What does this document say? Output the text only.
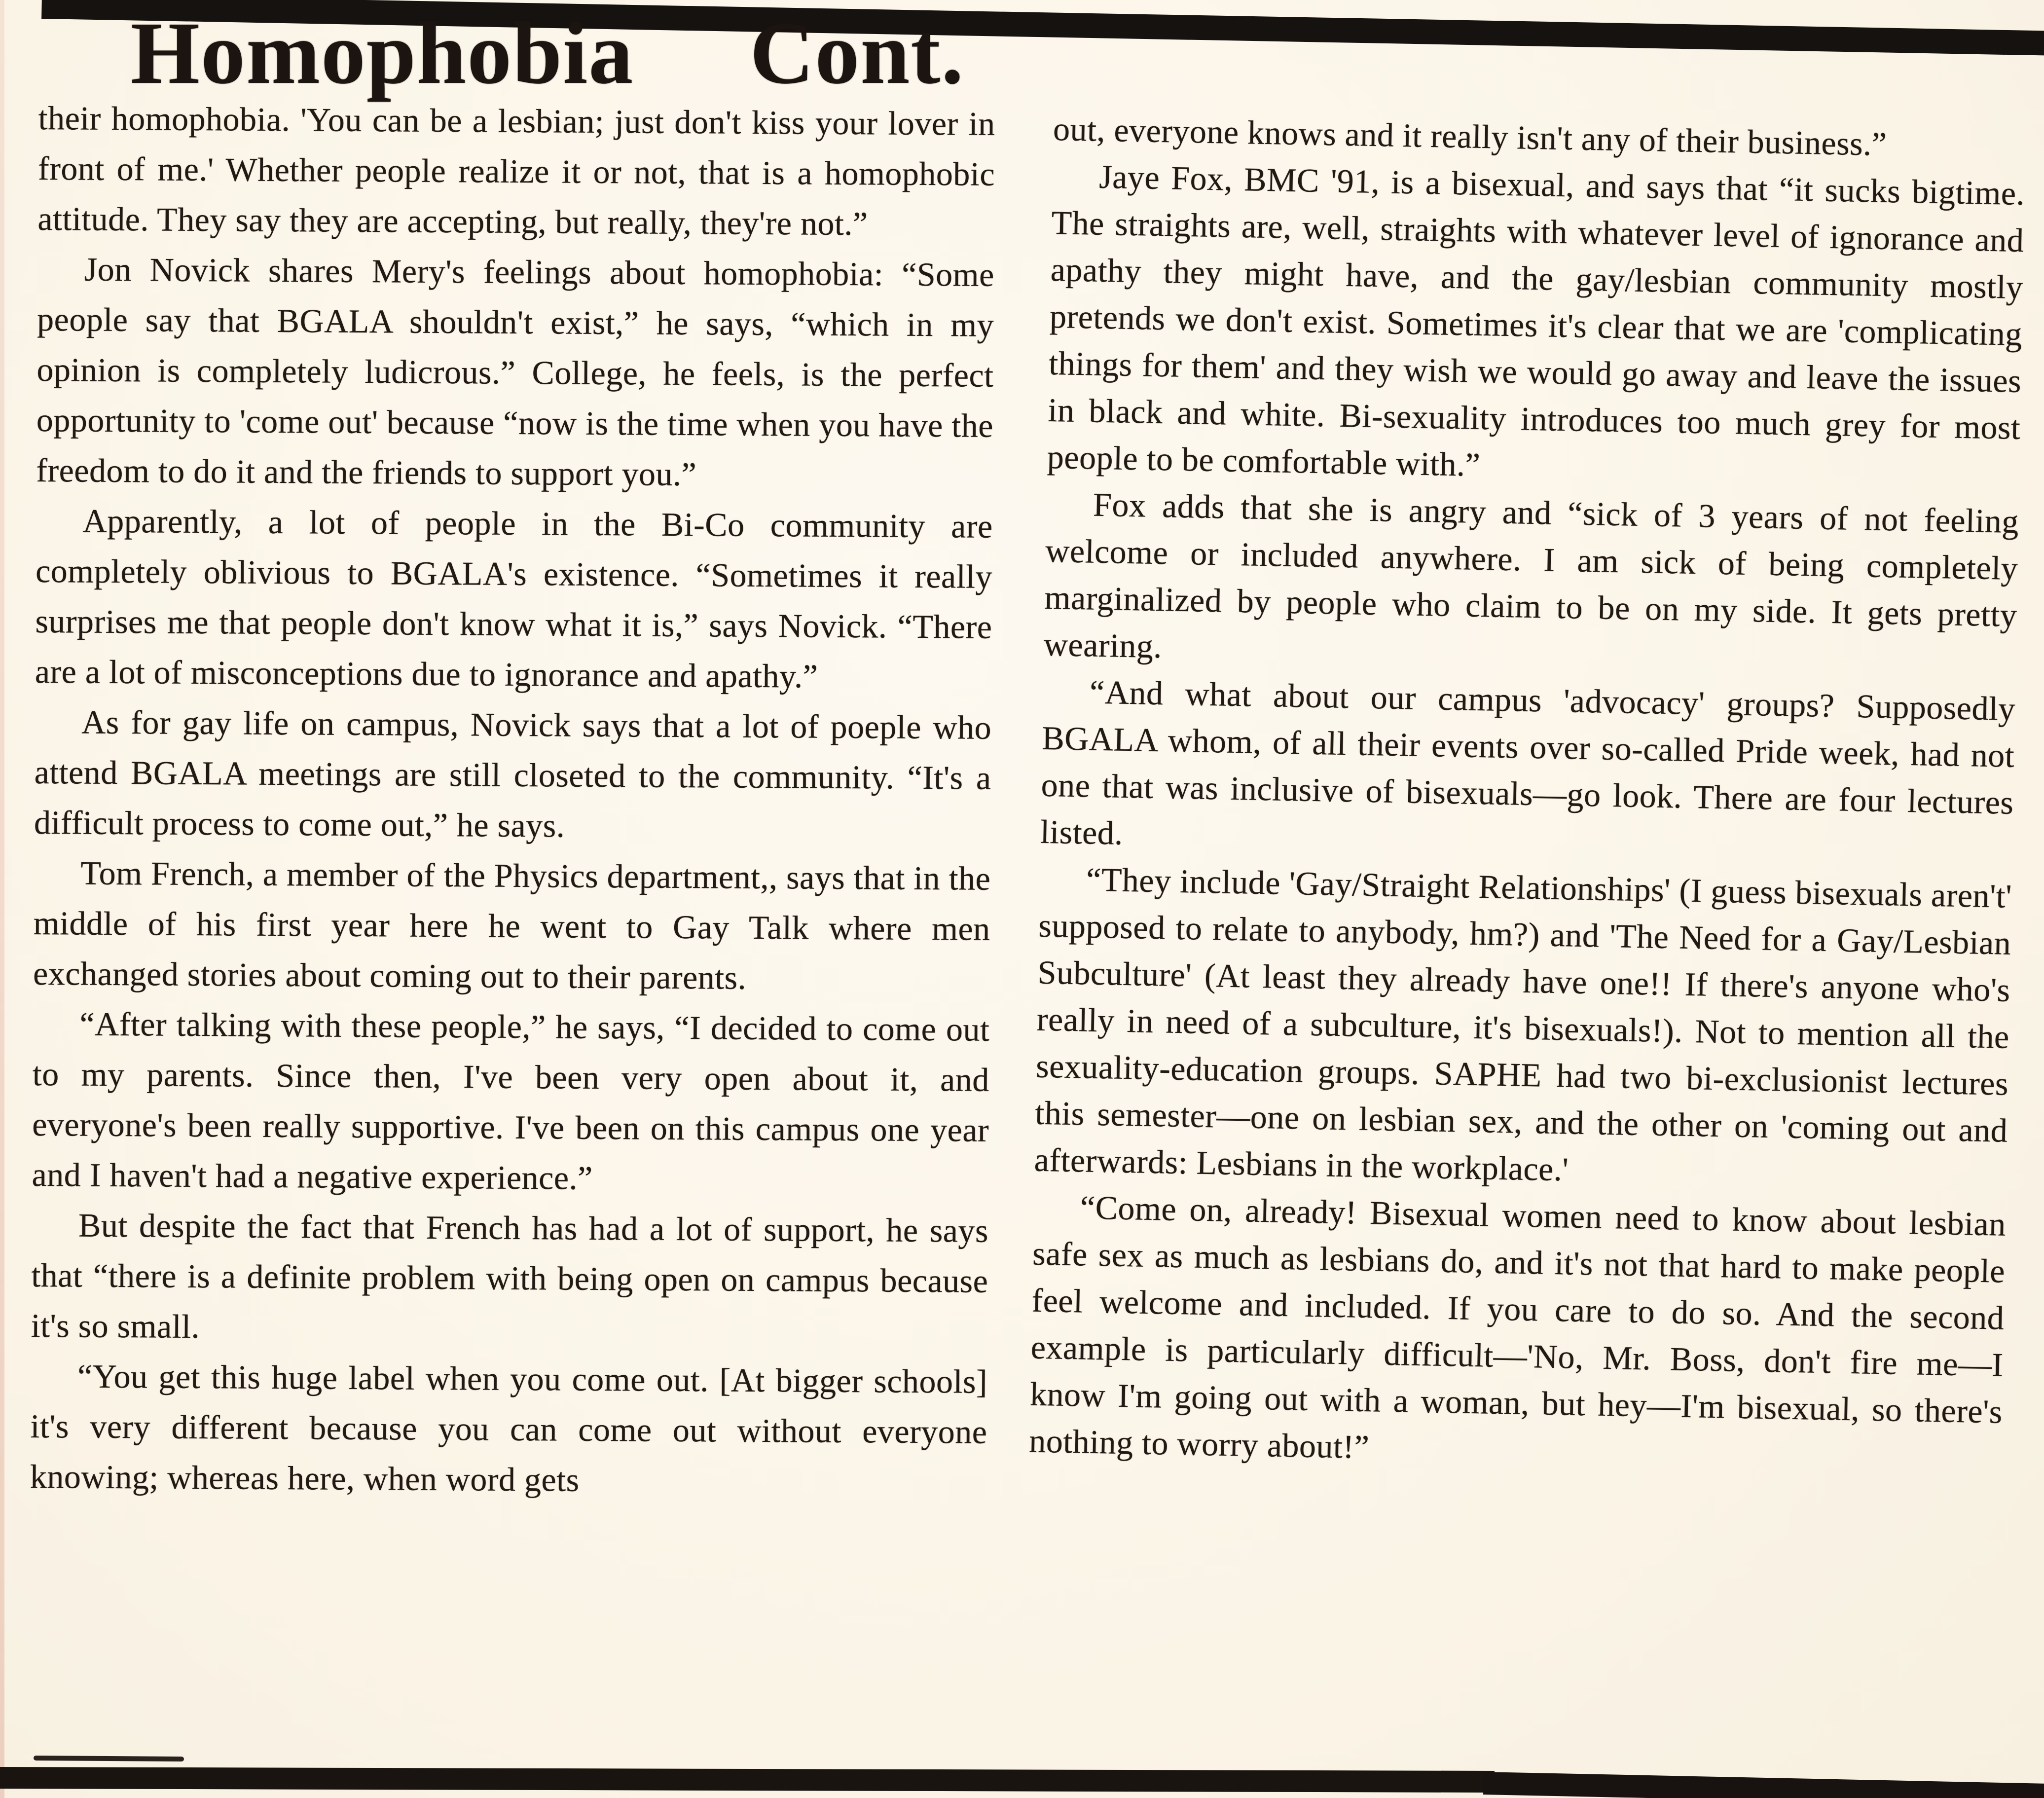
Homophobia Cont.

their homophobia. 'You can be a lesbian; just don't kiss your lover in front of me.' Whether people realize it or not, that is a homophobic attitude. They say they are accepting, but really, they're not.”

Jon Novick shares Mery's feelings about homophobia: “Some people say that BGALA shouldn't exist,” he says, “which in my opinion is completely ludicrous.” College, he feels, is the perfect opportunity to 'come out' because “now is the time when you have the freedom to do it and the friends to support you.”

Apparently, a lot of people in the Bi-Co community are completely oblivious to BGALA's existence. “Sometimes it really surprises me that people don't know what it is,” says Novick. “There are a lot of misconceptions due to ignorance and apathy.”

As for gay life on campus, Novick says that a lot of poeple who attend BGALA meetings are still closeted to the community. “It's a difficult process to come out,” he says.

Tom French, a member of the Physics department,, says that in the middle of his first year here he went to Gay Talk where men exchanged stories about coming out to their parents.

“After talking with these people,” he says, “I decided to come out to my parents. Since then, I've been very open about it, and everyone's been really supportive. I've been on this campus one year and I haven't had a negative experience.”

But despite the fact that French has had a lot of support, he says that “there is a definite problem with being open on campus because it's so small.

“You get this huge label when you come out. [At bigger schools] it's very different because you can come out without everyone knowing; whereas here, when word gets

out, everyone knows and it really isn't any of their business.”

Jaye Fox, BMC '91, is a bisexual, and says that “it sucks bigtime. The straights are, well, straights with whatever level of ignorance and apathy they might have, and the gay/lesbian community mostly pretends we don't exist. Sometimes it's clear that we are 'complicating things for them' and they wish we would go away and leave the issues in black and white. Bi-sexuality introduces too much grey for most people to be comfortable with.”

Fox adds that she is angry and “sick of 3 years of not feeling welcome or included anywhere. I am sick of being completely marginalized by people who claim to be on my side. It gets pretty wearing.

“And what about our campus 'advocacy' groups? Supposedly BGALA whom, of all their events over so-called Pride week, had not one that was inclusive of bisexuals—go look. There are four lectures listed.

“They include 'Gay/Straight Relationships' (I guess bisexuals aren't' supposed to relate to anybody, hm?) and 'The Need for a Gay/Lesbian Subculture' (At least they already have one!! If there's anyone who's really in need of a subculture, it's bisexuals!). Not to mention all the sexuality-education groups. SAPHE had two bi-exclusionist lectures this semester—one on lesbian sex, and the other on 'coming out and afterwards: Lesbians in the workplace.'

“Come on, already! Bisexual women need to know about lesbian safe sex as much as lesbians do, and it's not that hard to make people feel welcome and included. If you care to do so. And the second example is particularly difficult—'No, Mr. Boss, don't fire me—I know I'm going out with a woman, but hey—I'm bisexual, so there's nothing to worry about!”
